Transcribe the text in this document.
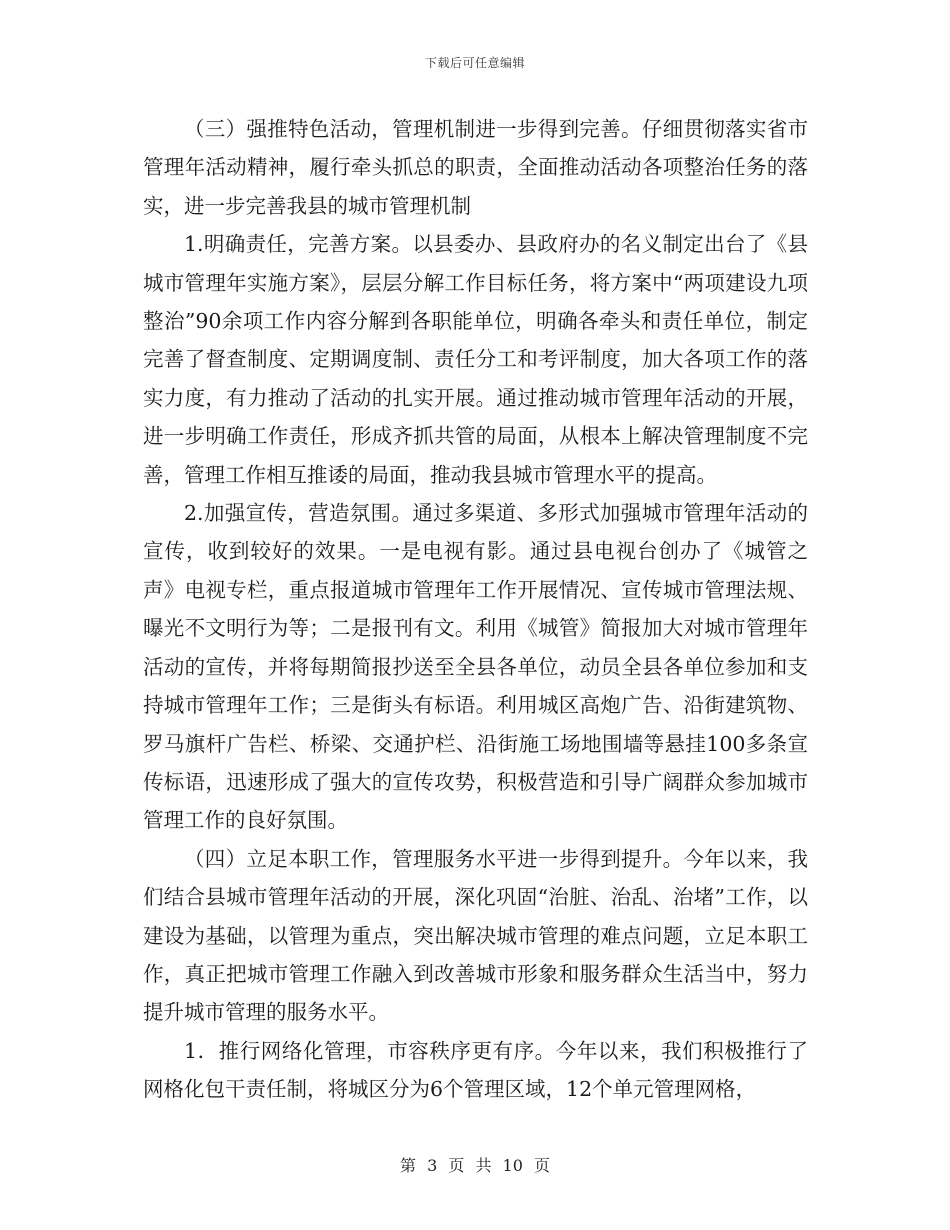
下载后可任意编辑

（三）强推特色活动，管理机制进一步得到完善。仔细贯彻落实省市管理年活动精神，履行牵头抓总的职责，全面推动活动各项整治任务的落实，进一步完善我县的城市管理机制

1.明确责任，完善方案。以县委办、县政府办的名义制定出台了《县城市管理年实施方案》，层层分解工作目标任务，将方案中“两项建设九项整治”90余项工作内容分解到各职能单位，明确各牵头和责任单位，制定完善了督查制度、定期调度制、责任分工和考评制度，加大各项工作的落实力度，有力推动了活动的扎实开展。通过推动城市管理年活动的开展，进一步明确工作责任，形成齐抓共管的局面，从根本上解决管理制度不完善，管理工作相互推诿的局面，推动我县城市管理水平的提高。

2.加强宣传，营造氛围。通过多渠道、多形式加强城市管理年活动的宣传，收到较好的效果。一是电视有影。通过县电视台创办了《城管之声》电视专栏，重点报道城市管理年工作开展情况、宣传城市管理法规、曝光不文明行为等；二是报刊有文。利用《城管》简报加大对城市管理年活动的宣传，并将每期简报抄送至全县各单位，动员全县各单位参加和支持城市管理年工作；三是街头有标语。利用城区高炮广告、沿街建筑物、罗马旗杆广告栏、桥梁、交通护栏、沿街施工场地围墙等悬挂100多条宣传标语，迅速形成了强大的宣传攻势，积极营造和引导广阔群众参加城市管理工作的良好氛围。

（四）立足本职工作，管理服务水平进一步得到提升。今年以来，我们结合县城市管理年活动的开展，深化巩固“治脏、治乱、治堵”工作，以建设为基础，以管理为重点，突出解决城市管理的难点问题，立足本职工作，真正把城市管理工作融入到改善城市形象和服务群众生活当中，努力提升城市管理的服务水平。

1．推行网络化管理，市容秩序更有序。今年以来，我们积极推行了网格化包干责任制，将城区分为6个管理区域，12个单元管理网格，

第 3 页 共 10 页
